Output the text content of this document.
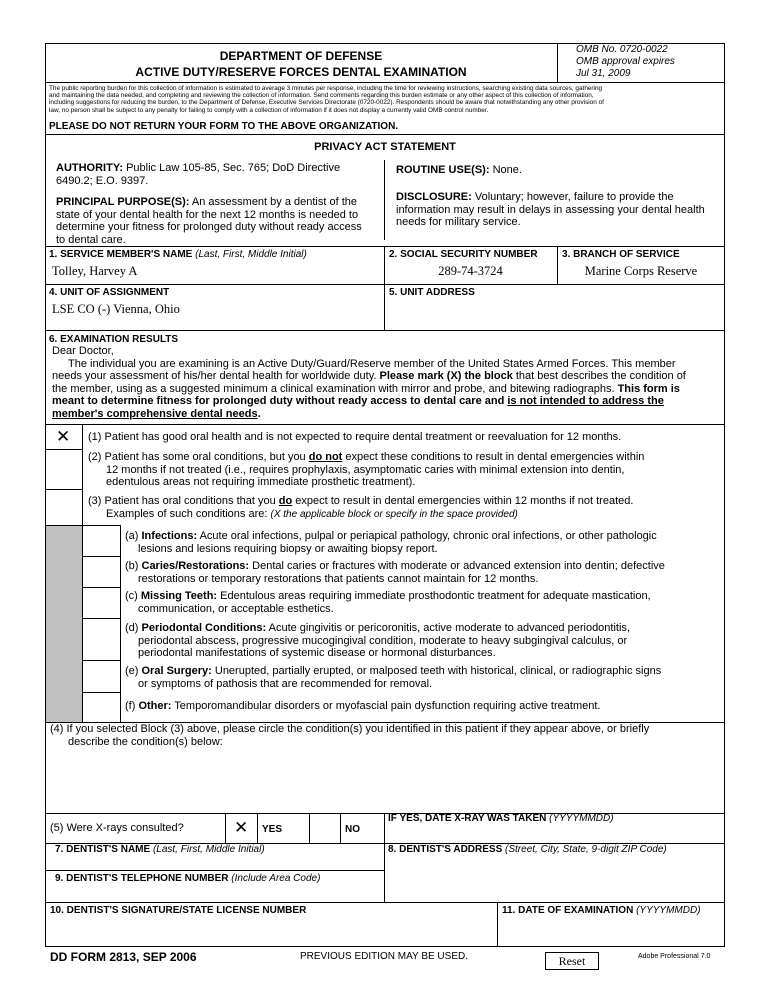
DEPARTMENT OF DEFENSE
ACTIVE DUTY/RESERVE FORCES DENTAL EXAMINATION
OMB No. 0720-0022
OMB approval expires
Jul 31, 2009
The public reporting burden for this collection of information is estimated to average 3 minutes per response, including the time for reviewing instructions, searching existing data sources, gathering
and maintaining the data needed, and completing and reviewing the collection of information. Send comments regarding this burden estimate or any other aspect of this collection of information,
including suggestions for reducing the burden, to the Department of Defense, Executive Services Directorate (0720-0022). Respondents should be aware that notwithstanding any other provision of
law, no person shall be subject to any penalty for failing to comply with a collection of information if it does not display a currently valid OMB control number.
PLEASE DO NOT RETURN YOUR FORM TO THE ABOVE ORGANIZATION.
PRIVACY ACT STATEMENT
AUTHORITY: Public Law 105-85, Sec. 765; DoD Directive
6490.2; E.O. 9397.
PRINCIPAL PURPOSE(S): An assessment by a dentist of the
state of your dental health for the next 12 months is needed to
determine your fitness for prolonged duty without ready access
to dental care.
ROUTINE USE(S): None.
DISCLOSURE: Voluntary; however, failure to provide the
information may result in delays in assessing your dental health
needs for military service.
1. SERVICE MEMBER'S NAME (Last, First, Middle Initial)
Tolley, Harvey A
2. SOCIAL SECURITY NUMBER
289-74-3724
3. BRANCH OF SERVICE
Marine Corps Reserve
4. UNIT OF ASSIGNMENT
LSE CO (-) Vienna, Ohio
5. UNIT ADDRESS
6. EXAMINATION RESULTS
Dear Doctor,
The individual you are examining is an Active Duty/Guard/Reserve member of the United States Armed Forces. This member
needs your assessment of his/her dental health for worldwide duty. Please mark (X) the block that best describes the condition of
the member, using as a suggested minimum a clinical examination with mirror and probe, and bitewing radiographs. This form is
meant to determine fitness for prolonged duty without ready access to dental care and is not intended to address the
member's comprehensive dental needs.
✕ (1) Patient has good oral health and is not expected to require dental treatment or reevaluation for 12 months.
(2) Patient has some oral conditions, but you do not expect these conditions to result in dental emergencies within
12 months if not treated (i.e., requires prophylaxis, asymptomatic caries with minimal extension into dentin,
edentulous areas not requiring immediate prosthetic treatment).
(3) Patient has oral conditions that you do expect to result in dental emergencies within 12 months if not treated.
Examples of such conditions are: (X the applicable block or specify in the space provided)
(a) Infections: Acute oral infections, pulpal or periapical pathology, chronic oral infections, or other pathologic
lesions and lesions requiring biopsy or awaiting biopsy report.
(b) Caries/Restorations: Dental caries or fractures with moderate or advanced extension into dentin; defective
restorations or temporary restorations that patients cannot maintain for 12 months.
(c) Missing Teeth: Edentulous areas requiring immediate prosthodontic treatment for adequate mastication,
communication, or acceptable esthetics.
(d) Periodontal Conditions: Acute gingivitis or pericoronitis, active moderate to advanced periodontitis,
periodontal abscess, progressive mucogingival condition, moderate to heavy subgingival calculus, or
periodontal manifestations of systemic disease or hormonal disturbances.
(e) Oral Surgery: Unerupted, partially erupted, or malposed teeth with historical, clinical, or radiographic signs
or symptoms of pathosis that are recommended for removal.
(f) Other: Temporomandibular disorders or myofascial pain dysfunction requiring active treatment.
(4) If you selected Block (3) above, please circle the condition(s) you identified in this patient if they appear above, or briefly
describe the condition(s) below:
(5) Were X-rays consulted?	✕ YES	NO
IF YES, DATE X-RAY WAS TAKEN (YYYYMMDD)
7. DENTIST'S NAME (Last, First, Middle Initial)	8. DENTIST'S ADDRESS (Street, City, State, 9-digit ZIP Code)
9. DENTIST'S TELEPHONE NUMBER (Include Area Code)
10. DENTIST'S SIGNATURE/STATE LICENSE NUMBER	11. DATE OF EXAMINATION (YYYYMMDD)
DD FORM 2813, SEP 2006	PREVIOUS EDITION MAY BE USED.	Reset	Adobe Professional 7.0
